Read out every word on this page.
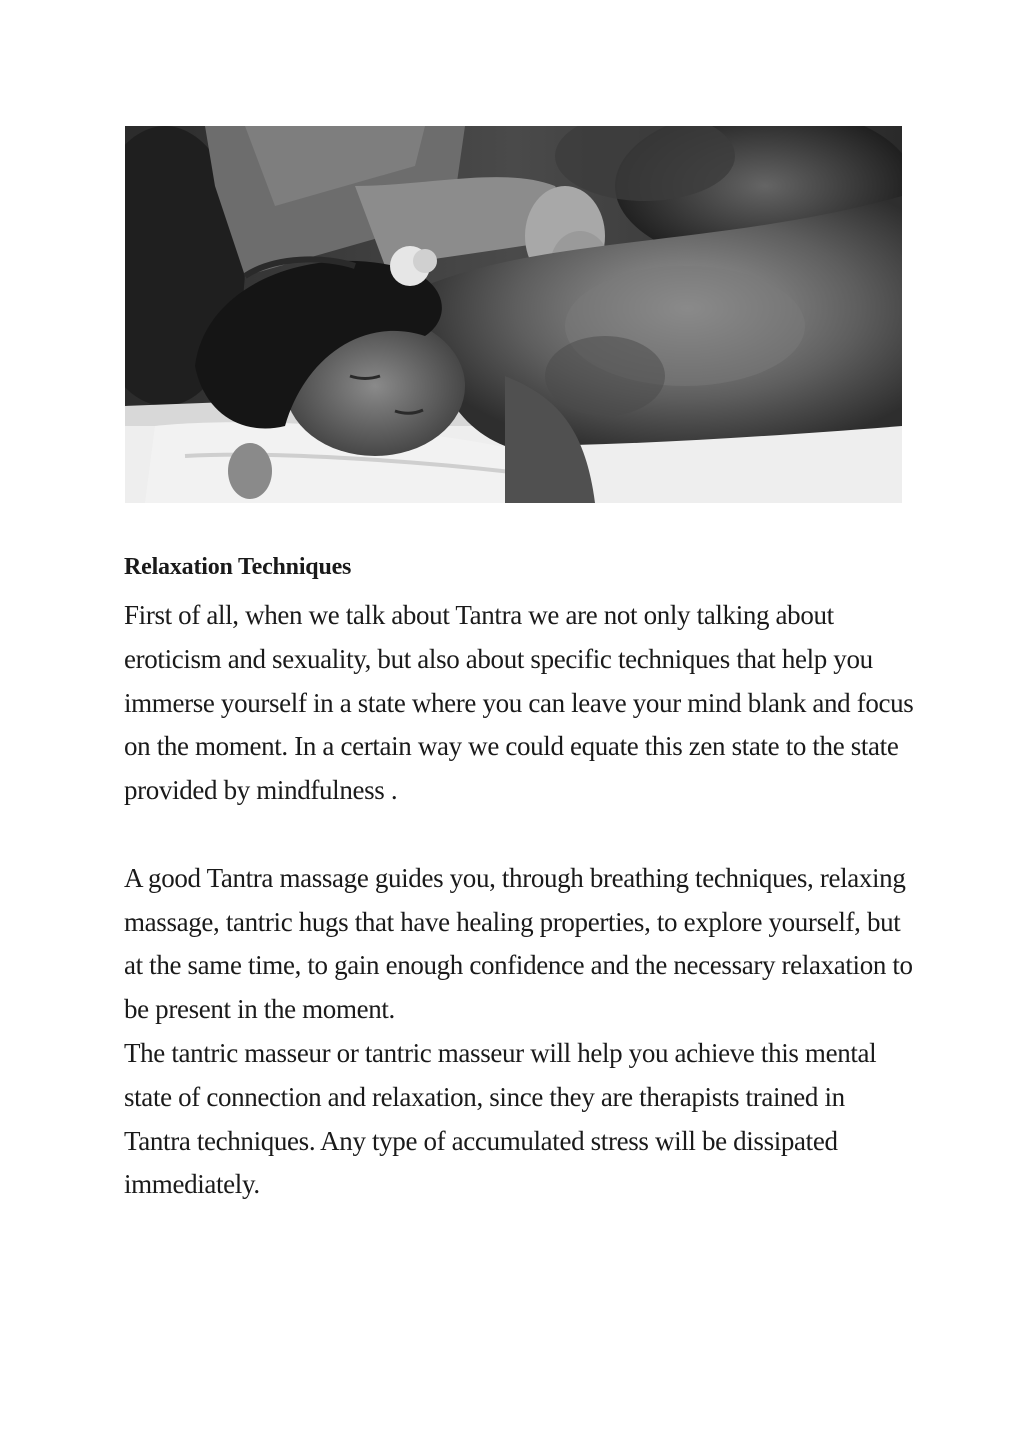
Relaxation Techniques

First of all, when we talk about Tantra we are not only talking about eroticism and sexuality, but also about specific techniques that help you immerse yourself in a state where you can leave your mind blank and focus on the moment. In a certain way we could equate this zen state to the state provided by mindfulness .

A good Tantra massage guides you, through breathing techniques, relaxing massage, tantric hugs that have healing properties, to explore yourself, but at the same time, to gain enough confidence and the necessary relaxation to be present in the moment.

The tantric masseur or tantric masseur will help you achieve this mental state of connection and relaxation, since they are therapists trained in Tantra techniques. Any type of accumulated stress will be dissipated immediately.
